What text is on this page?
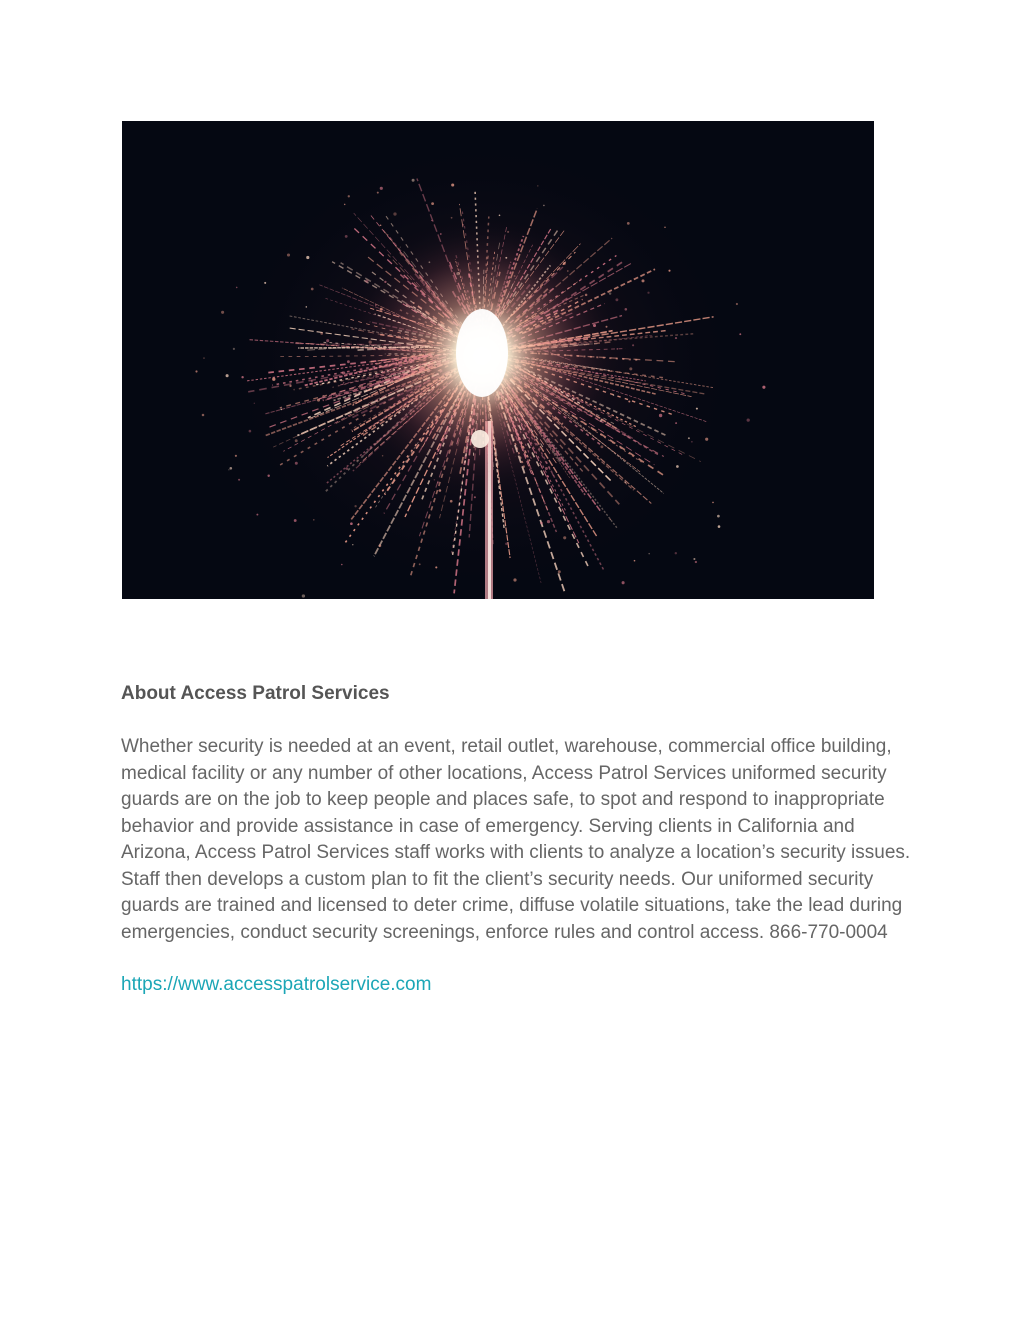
About Access Patrol Services

Whether security is needed at an event, retail outlet, warehouse, commercial office building, medical facility or any number of other locations, Access Patrol Services uniformed security guards are on the job to keep people and places safe, to spot and respond to inappropriate behavior and provide assistance in case of emergency. Serving clients in California and Arizona, Access Patrol Services staff works with clients to analyze a location’s security issues. Staff then develops a custom plan to fit the client’s security needs. Our uniformed security guards are trained and licensed to deter crime, diffuse volatile situations, take the lead during emergencies, conduct security screenings, enforce rules and control access. 866-770-0004

https://www.accesspatrolservice.com
